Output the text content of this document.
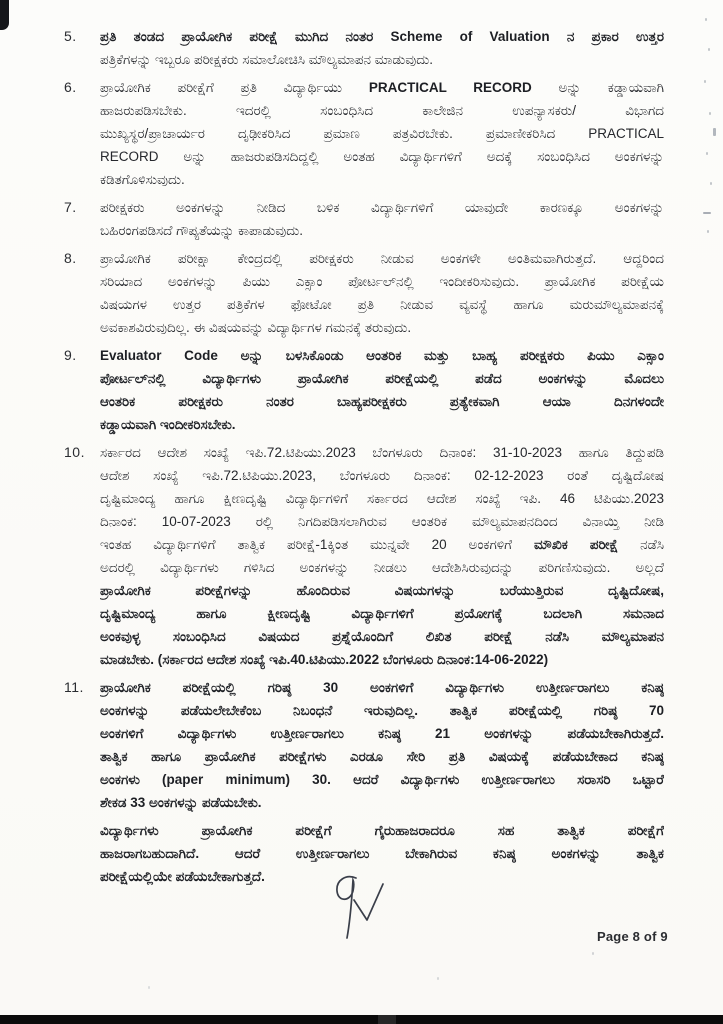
5.	ಪ್ರತಿ ತಂಡದ ಪ್ರಾಯೋಗಿಕ ಪರೀಕ್ಷೆ ಮುಗಿದ ನಂತರ Scheme of Valuation ನ ಪ್ರಕಾರ ಉತ್ತರ
ಪತ್ರಿಕೆಗಳನ್ನು ಇಬ್ಬರೂ ಪರೀಕ್ಷಕರು ಸಮಾಲೋಚಿಸಿ ಮೌಲ್ಯಮಾಪನ ಮಾಡುವುದು.
6.	ಪ್ರಾಯೋಗಿಕ ಪರೀಕ್ಷೆಗೆ ಪ್ರತಿ ವಿದ್ಯಾರ್ಥಿಯು PRACTICAL RECORD ಅನ್ನು ಕಡ್ಡಾಯವಾಗಿ
ಹಾಜರುಪಡಿಸಬೇಕು. ಇದರಲ್ಲಿ ಸಂಬಂಧಿಸಿದ ಕಾಲೇಜಿನ ಉಪನ್ಯಾಸಕರು/ ವಿಭಾಗದ
ಮುಖ್ಯಸ್ಥರ/ಪ್ರಾಚಾರ್ಯರ ದೃಢೀಕರಿಸಿದ ಪ್ರಮಾಣ ಪತ್ರವಿರಬೇಕು. ಪ್ರಮಾಣೀಕರಿಸಿದ PRACTICAL
RECORD ಅನ್ನು ಹಾಜರುಪಡಿಸದಿದ್ದಲ್ಲಿ ಅಂತಹ ವಿದ್ಯಾರ್ಥಿಗಳಿಗೆ ಅದಕ್ಕೆ ಸಂಬಂಧಿಸಿದ ಅಂಕಗಳನ್ನು
ಕಡಿತಗೊಳಿಸುವುದು.
7.	ಪರೀಕ್ಷಕರು ಅಂಕಗಳನ್ನು ನೀಡಿದ ಬಳಿಕ ವಿದ್ಯಾರ್ಥಿಗಳಿಗೆ ಯಾವುದೇ ಕಾರಣಕ್ಕೂ ಅಂಕಗಳನ್ನು
ಬಹಿರಂಗಪಡಿಸದೆ ಗೌಪ್ಯತೆಯನ್ನು ಕಾಪಾಡುವುದು.
8.	ಪ್ರಾಯೋಗಿಕ ಪರೀಕ್ಷಾ ಕೇಂದ್ರದಲ್ಲಿ ಪರೀಕ್ಷಕರು ನೀಡುವ ಅಂಕಗಳೇ ಅಂತಿಮವಾಗಿರುತ್ತದೆ. ಆದ್ದರಿಂದ
ಸರಿಯಾದ ಅಂಕಗಳನ್ನು ಪಿಯು ಎಕ್ಸಾಂ ಪೋರ್ಟಲ್‌ನಲ್ಲಿ ಇಂದೀಕರಿಸುವುದು. ಪ್ರಾಯೋಗಿಕ ಪರೀಕ್ಷೆಯ
ವಿಷಯಗಳ ಉತ್ತರ ಪತ್ರಿಕೆಗಳ ಫೋಟೋ ಪ್ರತಿ ನೀಡುವ ವ್ಯವಸ್ಥೆ ಹಾಗೂ ಮರುಮೌಲ್ಯಮಾಪನಕ್ಕೆ
ಅವಕಾಶವಿರುವುದಿಲ್ಲ. ಈ ವಿಷಯವನ್ನು ವಿದ್ಯಾರ್ಥಿಗಳ ಗಮನಕ್ಕೆ ತರುವುದು.
9.	Evaluator Code ಅನ್ನು ಬಳಸಿಕೊಂಡು ಆಂತರಿಕ ಮತ್ತು ಬಾಹ್ಯ ಪರೀಕ್ಷಕರು ಪಿಯು ಎಕ್ಸಾಂ
ಪೋರ್ಟಲ್‌ನಲ್ಲಿ ವಿದ್ಯಾರ್ಥಿಗಳು ಪ್ರಾಯೋಗಿಕ ಪರೀಕ್ಷೆಯಲ್ಲಿ ಪಡೆದ ಅಂಕಗಳನ್ನು ಮೊದಲು
ಆಂತರಿಕ ಪರೀಕ್ಷಕರು ನಂತರ ಬಾಹ್ಯಪರೀಕ್ಷಕರು ಪ್ರತ್ಯೇಕವಾಗಿ ಆಯಾ ದಿನಗಳಂದೇ
ಕಡ್ಡಾಯವಾಗಿ ಇಂದೀಕರಿಸಬೇಕು.
10.	ಸರ್ಕಾರದ ಆದೇಶ ಸಂಖ್ಯೆ ಇಪಿ.72.ಟಿಪಿಯು.2023 ಬೆಂಗಳೂರು ದಿನಾಂಕ: 31-10-2023 ಹಾಗೂ ತಿದ್ದುಪಡಿ
ಆದೇಶ ಸಂಖ್ಯೆ ಇಪಿ.72.ಟಿಪಿಯು.2023, ಬೆಂಗಳೂರು ದಿನಾಂಕ: 02-12-2023 ರಂತೆ ದೃಷ್ಟಿದೋಷ
ದೃಷ್ಟಿಮಾಂದ್ಯ ಹಾಗೂ ಕ್ಷೀಣದೃಷ್ಟಿ ವಿದ್ಯಾರ್ಥಿಗಳಿಗೆ ಸರ್ಕಾರದ ಆದೇಶ ಸಂಖ್ಯೆ ಇಪಿ. 46 ಟಿಪಿಯು.2023
ದಿನಾಂಕ: 10-07-2023 ರಲ್ಲಿ ನಿಗದಿಪಡಿಸಲಾಗಿರುವ ಆಂತರಿಕ ಮೌಲ್ಯಮಾಪನದಿಂದ ವಿನಾಯ್ತಿ ನೀಡಿ
ಇಂತಹ ವಿದ್ಯಾರ್ಥಿಗಳಿಗೆ ತಾತ್ವಿಕ ಪರೀಕ್ಷೆ-1ಕ್ಕಿಂತ ಮುನ್ನವೇ 20 ಅಂಕಗಳಿಗೆ ಮೌಖಿಕ ಪರೀಕ್ಷೆ ನಡೆಸಿ
ಅದರಲ್ಲಿ ವಿದ್ಯಾರ್ಥಿಗಳು ಗಳಿಸಿದ ಅಂಕಗಳನ್ನು ನೀಡಲು ಆದೇಶಿಸಿರುವುದನ್ನು ಪರಿಗಣಿಸುವುದು. ಅಲ್ಲದೆ
ಪ್ರಾಯೋಗಿಕ ಪರೀಕ್ಷೆಗಳನ್ನು ಹೊಂದಿರುವ ವಿಷಯಗಳನ್ನು ಬರೆಯುತ್ತಿರುವ ದೃಷ್ಟಿದೋಷ,
ದೃಷ್ಟಿಮಾಂದ್ಯ ಹಾಗೂ ಕ್ಷೀಣದೃಷ್ಟಿ ವಿದ್ಯಾರ್ಥಿಗಳಿಗೆ ಪ್ರಯೋಗಕ್ಕೆ ಬದಲಾಗಿ ಸಮನಾದ
ಅಂಕವುಳ್ಳ ಸಂಬಂಧಿಸಿದ ವಿಷಯದ ಪ್ರಶ್ನೆಯೊಂದಿಗೆ ಲಿಖಿತ ಪರೀಕ್ಷೆ ನಡೆಸಿ ಮೌಲ್ಯಮಾಪನ
ಮಾಡಬೇಕು. (ಸರ್ಕಾರದ ಆದೇಶ ಸಂಖ್ಯೆ ಇಪಿ.40.ಟಿಪಿಯು.2022 ಬೆಂಗಳೂರು ದಿನಾಂಕ:14-06-2022)
11.	ಪ್ರಾಯೋಗಿಕ ಪರೀಕ್ಷೆಯಲ್ಲಿ ಗರಿಷ್ಠ 30 ಅಂಕಗಳಿಗೆ ವಿದ್ಯಾರ್ಥಿಗಳು ಉತ್ತೀರ್ಣರಾಗಲು ಕನಿಷ್ಠ
ಅಂಕಗಳನ್ನು ಪಡೆಯಲೇಬೇಕೆಂಬ ನಿಬಂಧನೆ ಇರುವುದಿಲ್ಲ. ತಾತ್ವಿಕ ಪರೀಕ್ಷೆಯಲ್ಲಿ ಗರಿಷ್ಠ 70
ಅಂಕಗಳಿಗೆ ವಿದ್ಯಾರ್ಥಿಗಳು ಉತ್ತೀರ್ಣರಾಗಲು ಕನಿಷ್ಠ 21 ಅಂಕಗಳನ್ನು ಪಡೆಯಬೇಕಾಗಿರುತ್ತದೆ.
ತಾತ್ವಿಕ ಹಾಗೂ ಪ್ರಾಯೋಗಿಕ ಪರೀಕ್ಷೆಗಳು ಎರಡೂ ಸೇರಿ ಪ್ರತಿ ವಿಷಯಕ್ಕೆ ಪಡೆಯಬೇಕಾದ ಕನಿಷ್ಠ
ಅಂಕಗಳು (paper minimum) 30. ಆದರೆ ವಿದ್ಯಾರ್ಥಿಗಳು ಉತ್ತೀರ್ಣರಾಗಲು ಸರಾಸರಿ ಒಟ್ಟಾರೆ
ಶೇಕಡ 33 ಅಂಕಗಳನ್ನು ಪಡೆಯಬೇಕು.
ವಿದ್ಯಾರ್ಥಿಗಳು ಪ್ರಾಯೋಗಿಕ ಪರೀಕ್ಷೆಗೆ ಗೈರುಹಾಜರಾದರೂ ಸಹ ತಾತ್ವಿಕ ಪರೀಕ್ಷೆಗೆ
ಹಾಜರಾಗಬಹುದಾಗಿದೆ. ಆದರೆ ಉತ್ತೀರ್ಣರಾಗಲು ಬೇಕಾಗಿರುವ ಕನಿಷ್ಠ ಅಂಕಗಳನ್ನು ತಾತ್ವಿಕ
ಪರೀಕ್ಷೆಯಲ್ಲಿಯೇ ಪಡೆಯಬೇಕಾಗುತ್ತದೆ.
Page 8 of 9
